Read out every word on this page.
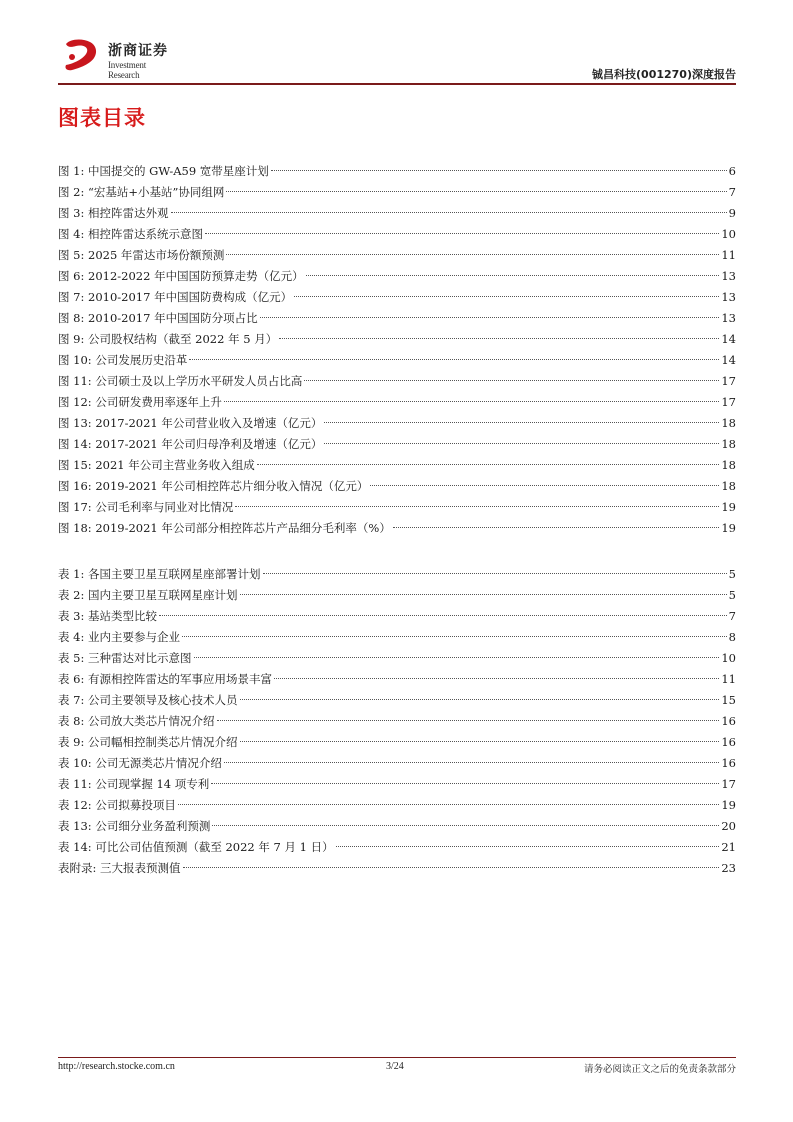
浙商证券
Investment Research	铖昌科技(001270)深度报告
图表目录
图 1: 中国提交的 GW-A59 宽带星座计划	6
图 2: “宏基站+小基站”协同组网	7
图 3: 相控阵雷达外观	9
图 4: 相控阵雷达系统示意图	10
图 5: 2025 年雷达市场份额预测	11
图 6: 2012-2022 年中国国防预算走势（亿元）	13
图 7: 2010-2017 年中国国防费构成（亿元）	13
图 8: 2010-2017 年中国国防分项占比	13
图 9: 公司股权结构（截至 2022 年 5 月）	14
图 10: 公司发展历史沿革	14
图 11: 公司硕士及以上学历水平研发人员占比高	17
图 12: 公司研发费用率逐年上升	17
图 13: 2017-2021 年公司营业收入及增速（亿元）	18
图 14: 2017-2021 年公司归母净利及增速（亿元）	18
图 15: 2021 年公司主营业务收入组成	18
图 16: 2019-2021 年公司相控阵芯片细分收入情况（亿元）	18
图 17: 公司毛利率与同业对比情况	19
图 18: 2019-2021 年公司部分相控阵芯片产品细分毛利率（%）	19
表 1: 各国主要卫星互联网星座部署计划	5
表 2: 国内主要卫星互联网星座计划	5
表 3: 基站类型比较	7
表 4: 业内主要参与企业	8
表 5: 三种雷达对比示意图	10
表 6: 有源相控阵雷达的军事应用场景丰富	11
表 7: 公司主要领导及核心技术人员	15
表 8: 公司放大类芯片情况介绍	16
表 9: 公司幅相控制类芯片情况介绍	16
表 10: 公司无源类芯片情况介绍	16
表 11: 公司现掌握 14 项专利	17
表 12: 公司拟募投项目	19
表 13: 公司细分业务盈利预测	20
表 14: 可比公司估值预测（截至 2022 年 7 月 1 日）	21
表附录: 三大报表预测值	23
http://research.stocke.com.cn	3/24	请务必阅读正文之后的免责条款部分
